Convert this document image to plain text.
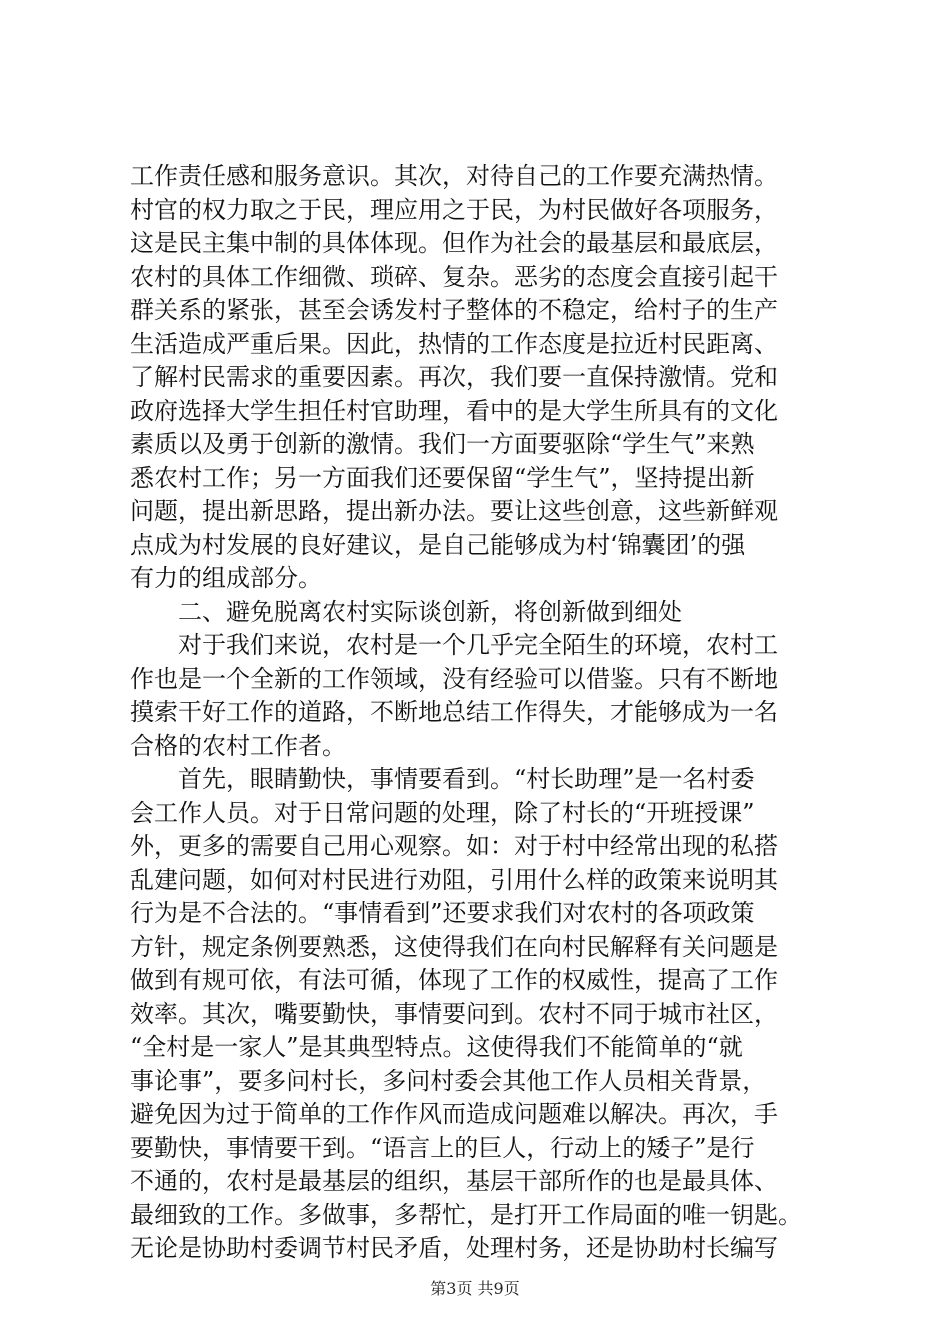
工作责任感和服务意识。其次，对待自己的工作要充满热情。
村官的权力取之于民，理应用之于民，为村民做好各项服务，
这是民主集中制的具体体现。但作为社会的最基层和最底层，
农村的具体工作细微、琐碎、复杂。恶劣的态度会直接引起干
群关系的紧张，甚至会诱发村子整体的不稳定，给村子的生产
生活造成严重后果。因此，热情的工作态度是拉近村民距离、
了解村民需求的重要因素。再次，我们要一直保持激情。党和
政府选择大学生担任村官助理，看中的是大学生所具有的文化
素质以及勇于创新的激情。我们一方面要驱除“学生气”来熟
悉农村工作；另一方面我们还要保留“学生气”，坚持提出新
问题，提出新思路，提出新办法。要让这些创意，这些新鲜观
点成为村发展的良好建议，是自己能够成为村‘锦囊团’的强
有力的组成部分。
二、避免脱离农村实际谈创新，将创新做到细处
　　对于我们来说，农村是一个几乎完全陌生的环境，农村工
作也是一个全新的工作领域，没有经验可以借鉴。只有不断地
摸索干好工作的道路，不断地总结工作得失，才能够成为一名
合格的农村工作者。
　　首先，眼睛勤快，事情要看到。“村长助理”是一名村委
会工作人员。对于日常问题的处理，除了村长的“开班授课”
外，更多的需要自己用心观察。如：对于村中经常出现的私搭
乱建问题，如何对村民进行劝阻，引用什么样的政策来说明其
行为是不合法的。“事情看到”还要求我们对农村的各项政策
方针，规定条例要熟悉，这使得我们在向村民解释有关问题是
做到有规可依，有法可循，体现了工作的权威性，提高了工作
效率。其次，嘴要勤快，事情要问到。农村不同于城市社区，
“全村是一家人”是其典型特点。这使得我们不能简单的“就
事论事”，要多问村长，多问村委会其他工作人员相关背景，
避免因为过于简单的工作作风而造成问题难以解决。再次，手
要勤快，事情要干到。“语言上的巨人，行动上的矮子”是行
不通的，农村是最基层的组织，基层干部所作的也是最具体、
最细致的工作。多做事，多帮忙，是打开工作局面的唯一钥匙。
无论是协助村委调节村民矛盾，处理村务，还是协助村长编写
第3页 共9页
